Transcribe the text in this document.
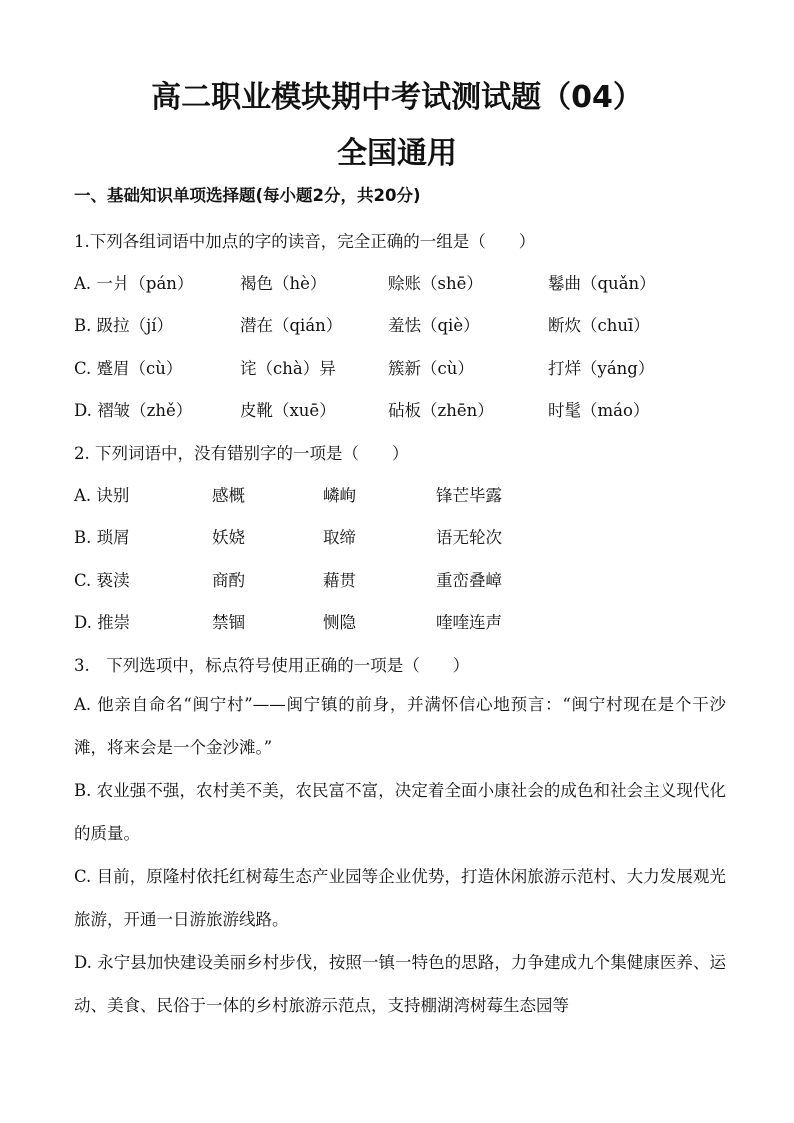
高二职业模块期中考试测试题（04）
全国通用
一、基础知识单项选择题(每小题2分，共20分)
1.下列各组词语中加点的字的读音，完全正确的一组是（　　）
A. 一爿（pán）	褐色（hè）	赊账（shē）	鬈曲（quǎn）
B. 趿拉（jí）	潜在（qián）	羞怯（qiè）	断炊（chuī）
C. 蹙眉（cù）	诧（chà）异	簇新（cù）	打烊（yáng）
D. 褶皱（zhě）	皮靴（xuē）	砧板（zhēn）	时髦（máo）
2. 下列词语中，没有错别字的一项是（　　）
A. 诀别	感概	嶙峋	锋芒毕露
B. 琐屑	妖娆	取缔	语无轮次
C. 亵渎	商酌	藉贯	重峦叠嶂
D. 推崇	禁锢	恻隐	喹喹连声
3.　下列选项中，标点符号使用正确的一项是（　　）
A. 他亲自命名“闽宁村”——闽宁镇的前身，并满怀信心地预言：“闽宁村现在是个干沙滩，将来会是一个金沙滩。”
B. 农业强不强，农村美不美，农民富不富，决定着全面小康社会的成色和社会主义现代化的质量。
C. 目前，原隆村依托红树莓生态产业园等企业优势，打造休闲旅游示范村、大力发展观光旅游，开通一日游旅游线路。
D. 永宁县加快建设美丽乡村步伐，按照一镇一特色的思路，力争建成九个集健康医养、运动、美食、民俗于一体的乡村旅游示范点，支持棚湖湾树莓生态园等
